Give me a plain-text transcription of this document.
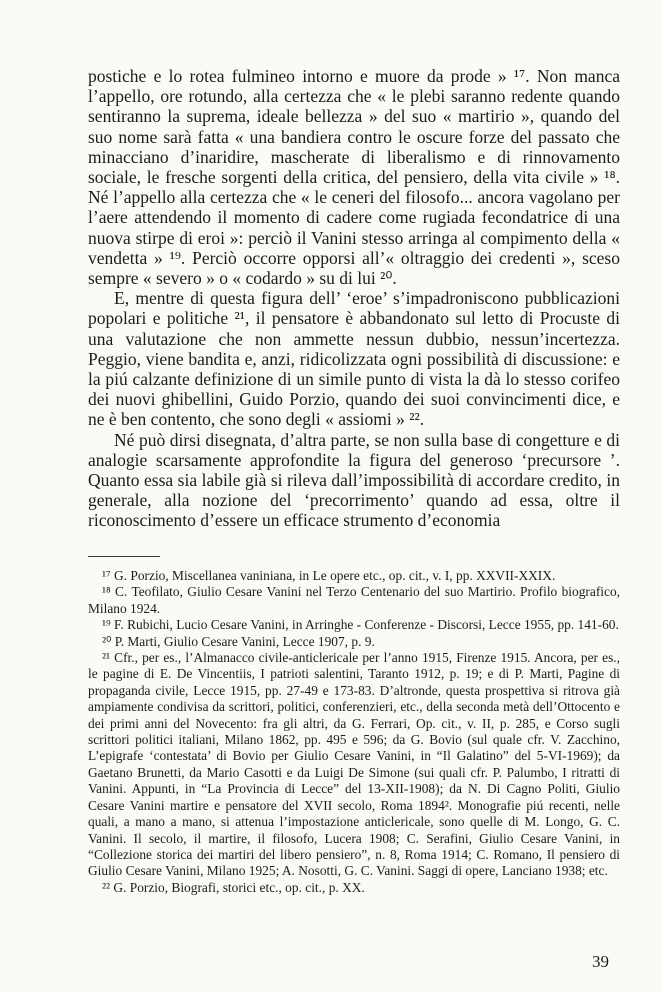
postiche e lo rotea fulmineo intorno e muore da prode » ¹⁷. Non manca l’appello, ore rotundo, alla certezza che « le plebi saranno redente quando sentiranno la suprema, ideale bellezza » del suo « martirio », quando del suo nome sarà fatta « una bandiera contro le oscure forze del passato che minacciano d’inaridire, mascherate di liberalismo e di rinnovamento sociale, le fresche sorgenti della critica, del pensiero, della vita civile » ¹⁸. Né l’appello alla certezza che « le ceneri del filosofo... ancora vagolano per l’aere attendendo il momento di cadere come rugiada fecondatrice di una nuova stirpe di eroi »: perciò il Vanini stesso arringa al compimento della « vendetta » ¹⁹. Perciò occorre opporsi all’« oltraggio dei credenti », sceso sempre « severo » o « codardo » su di lui ²⁰.

E, mentre di questa figura dell’ ‘eroe’ s’impadroniscono pubblicazioni popolari e politiche ²¹, il pensatore è abbandonato sul letto di Procuste di una valutazione che non ammette nessun dubbio, nessun’incertezza. Peggio, viene bandita e, anzi, ridicolizzata ogni possibilità di discussione: e la piú calzante definizione di un simile punto di vista la dà lo stesso corifeo dei nuovi ghibellini, Guido Porzio, quando dei suoi convincimenti dice, e ne è ben contento, che sono degli « assiomi » ²².

Né può dirsi disegnata, d’altra parte, se non sulla base di congetture e di analogie scarsamente approfondite la figura del generoso ‘precursore ’. Quanto essa sia labile già si rileva dall’impossibilità di accordare credito, in generale, alla nozione del ‘precorrimento’ quando ad essa, oltre il riconoscimento d’essere un efficace strumento d’economia

¹⁷ G. Porzio, Miscellanea vaniniana, in Le opere etc., op. cit., v. I, pp. XXVII-XXIX.

¹⁸ C. Teofilato, Giulio Cesare Vanini nel Terzo Centenario del suo Martirio. Profilo biografico, Milano 1924.

¹⁹ F. Rubichi, Lucio Cesare Vanini, in Arringhe - Conferenze - Discorsi, Lecce 1955, pp. 141-60.

²⁰ P. Marti, Giulio Cesare Vanini, Lecce 1907, p. 9.

²¹ Cfr., per es., l’Almanacco civile-anticlericale per l’anno 1915, Firenze 1915. Ancora, per es., le pagine di E. De Vincentiis, I patrioti salentini, Taranto 1912, p. 19; e di P. Marti, Pagine di propaganda civile, Lecce 1915, pp. 27-49 e 173-83. D’altronde, questa prospettiva si ritrova già ampiamente condivisa da scrittori, politici, conferenzieri, etc., della seconda metà dell’Ottocento e dei primi anni del Novecento: fra gli altri, da G. Ferrari, Op. cit., v. II, p. 285, e Corso sugli scrittori politici italiani, Milano 1862, pp. 495 e 596; da G. Bovio (sul quale cfr. V. Zacchino, L’epigrafe ‘contestata’ di Bovio per Giulio Cesare Vanini, in “Il Galatino” del 5-VI-1969); da Gaetano Brunetti, da Mario Casotti e da Luigi De Simone (sui quali cfr. P. Palumbo, I ritratti di Vanini. Appunti, in “La Provincia di Lecce” del 13-XII-1908); da N. Di Cagno Politi, Giulio Cesare Vanini martire e pensatore del XVII secolo, Roma 1894². Monografie piú recenti, nelle quali, a mano a mano, si attenua l’impostazione anticlericale, sono quelle di M. Longo, G. C. Vanini. Il secolo, il martire, il filosofo, Lucera 1908; C. Serafini, Giulio Cesare Vanini, in “Collezione storica dei martiri del libero pensiero”, n. 8, Roma 1914; C. Romano, Il pensiero di Giulio Cesare Vanini, Milano 1925; A. Nosotti, G. C. Vanini. Saggi di opere, Lanciano 1938; etc.

²² G. Porzio, Biografi, storici etc., op. cit., p. XX.

39
